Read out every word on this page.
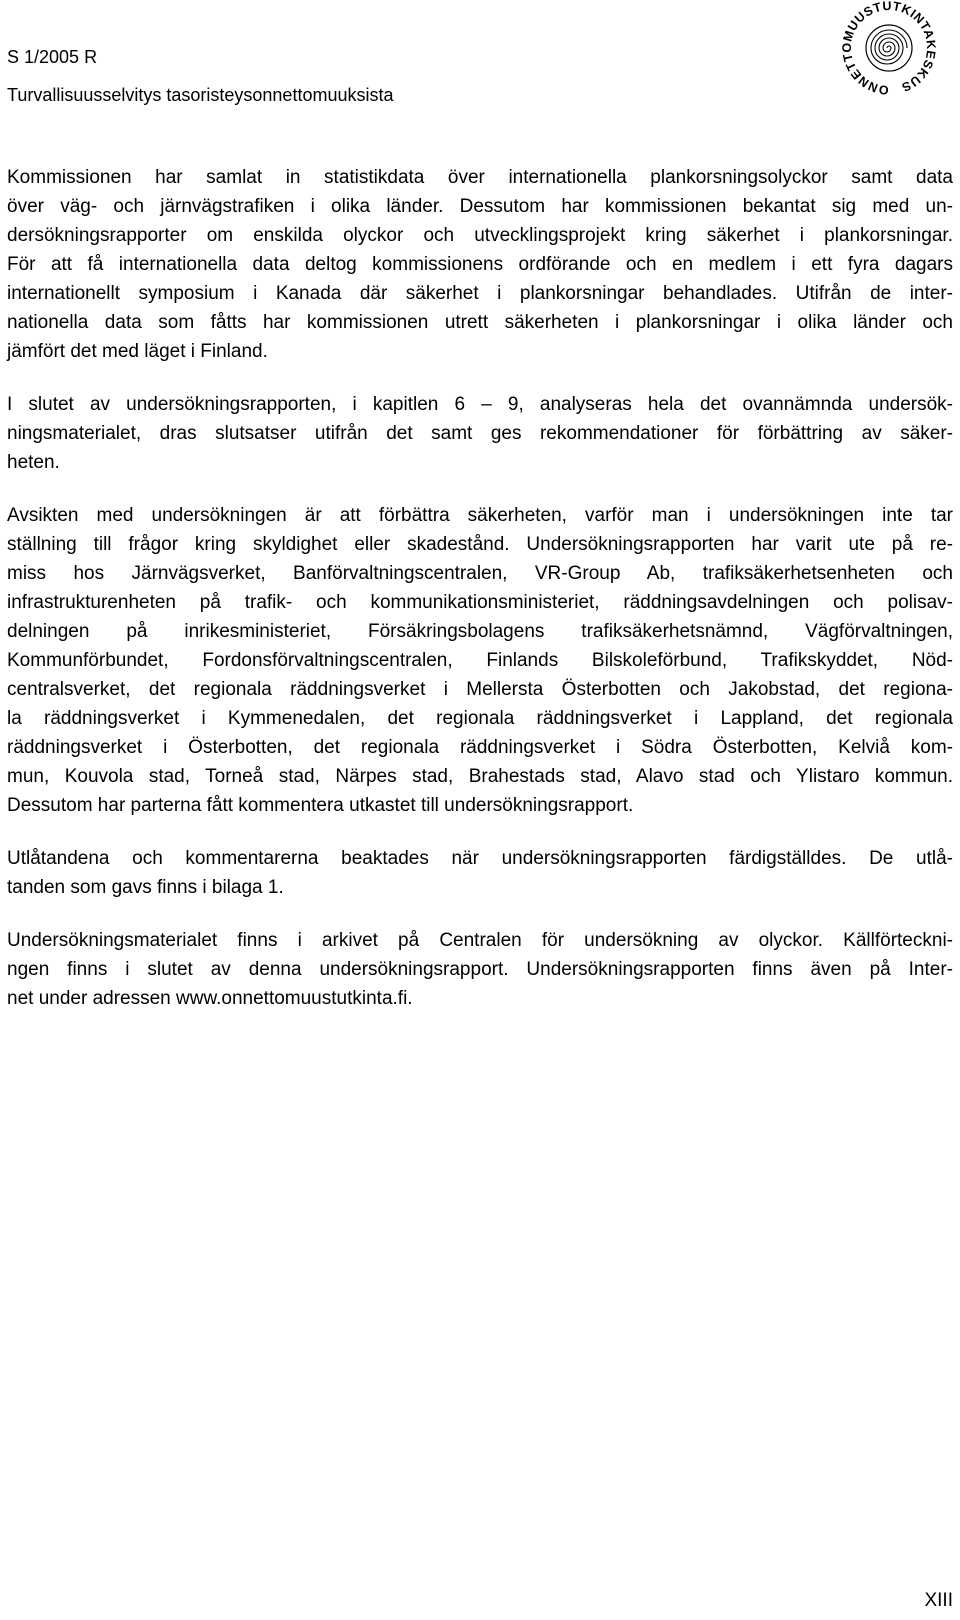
S 1/2005 R
Turvallisuusselvitys tasoristeysonnettomuuksista	ONNETTOMUUSTUTKINTAKESKUS
Kommissionen har samlat in statistikdata över internationella plankorsningsolyckor samt data
över väg- och järnvägstrafiken i olika länder. Dessutom har kommissionen bekantat sig med un-
dersökningsrapporter om enskilda olyckor och utvecklingsprojekt kring säkerhet i plankorsningar.
För att få internationella data deltog kommissionens ordförande och en medlem i ett fyra dagars
internationellt symposium i Kanada där säkerhet i plankorsningar behandlades. Utifrån de inter-
nationella data som fåtts har kommissionen utrett säkerheten i plankorsningar i olika länder och
jämfört det med läget i Finland.
I slutet av undersökningsrapporten, i kapitlen 6 – 9, analyseras hela det ovannämnda undersök-
ningsmaterialet, dras slutsatser utifrån det samt ges rekommendationer för förbättring av säker-
heten.
Avsikten med undersökningen är att förbättra säkerheten, varför man i undersökningen inte tar
ställning till frågor kring skyldighet eller skadestånd. Undersökningsrapporten har varit ute på re-
miss hos Järnvägsverket, Banförvaltningscentralen, VR-Group Ab, trafiksäkerhetsenheten och
infrastrukturenheten på trafik- och kommunikationsministeriet, räddningsavdelningen och polisav-
delningen på inrikesministeriet, Försäkringsbolagens trafiksäkerhetsnämnd, Vägförvaltningen,
Kommunförbundet, Fordonsförvaltningscentralen, Finlands Bilskoleförbund, Trafikskyddet, Nöd-
centralsverket, det regionala räddningsverket i Mellersta Österbotten och Jakobstad, det regiona-
la räddningsverket i Kymmenedalen, det regionala räddningsverket i Lappland, det regionala
räddningsverket i Österbotten, det regionala räddningsverket i Södra Österbotten, Kelviå kom-
mun, Kouvola stad, Torneå stad, Närpes stad, Brahestads stad, Alavo stad och Ylistaro kommun.
Dessutom har parterna fått kommentera utkastet till undersökningsrapport.
Utlåtandena och kommentarerna beaktades när undersökningsrapporten färdigställdes. De utlå-
tanden som gavs finns i bilaga 1.
Undersökningsmaterialet finns i arkivet på Centralen för undersökning av olyckor. Källförteckni-
ngen finns i slutet av denna undersökningsrapport. Undersökningsrapporten finns även på Inter-
net under adressen www.onnettomuustutkinta.fi.
XIII
